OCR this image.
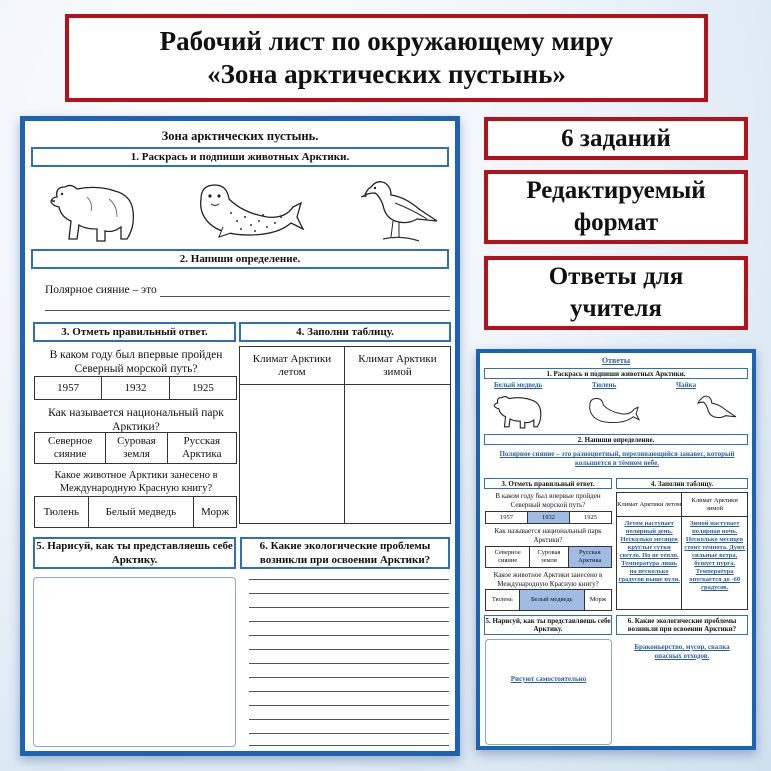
Рабочий лист по окружающему миру
«Зона арктических пустынь»
6 заданий
Редактируемый
формат
Ответы для
учителя
Зона арктических пустынь.
1. Раскрась и подпиши животных Арктики.
2. Напиши определение.
Полярное сияние – это
3. Отметь правильный ответ.	4. Заполни таблицу.
В каком году был впервые пройден Северный морской путь?
1957	1932	1925
Как называется национальный парк Арктики?
Северное сияние	Суровая земля	Русская Арктика
Какое животное Арктики занесено в Международную Красную книгу?
Тюлень	Белый медведь	Морж
Климат Арктики летом	Климат Арктики зимой

5. Нарисуй, как ты представляешь себе Арктику.
6. Какие экологические проблемы возникли при освоении Арктики?
Ответы
1. Раскрась и подпиши животных Арктики.
Белый медведь	Тюлень	Чайка
2. Напиши определение.
Полярное сияние – это разноцветный, переливающийся занавес, который колышется в тёмном небе.
3. Отметь правильный ответ.	4. Заполни таблицу.
В каком году был впервые пройден Северный морской путь?
1957	1932	1925
Как называется национальный парк Арктики?
Северное сияние	Суровая земля	Русская Арктика
Какое животное Арктики занесено в Международную Красную книгу?
Тюлень	Белый медведь	Морж
Климат Арктики летом	Климат Арктики зимой
Летом наступает полярный день. Несколько месяцев круглые сутки светло. Но не тепло. Температура лишь на несколько градусов выше нуля.	Зимой наступает полярная ночь. Несколько месяцев стоит темнота. Дуют сильные ветра, бушует пурга. Температура опускается до -60 градусов.
5. Нарисуй, как ты представляешь себе Арктику.
6. Какие экологические проблемы возникли при освоении Арктики?
Рисуют самостоятельно
Браконьерство, мусор, свалка опасных отходов.
